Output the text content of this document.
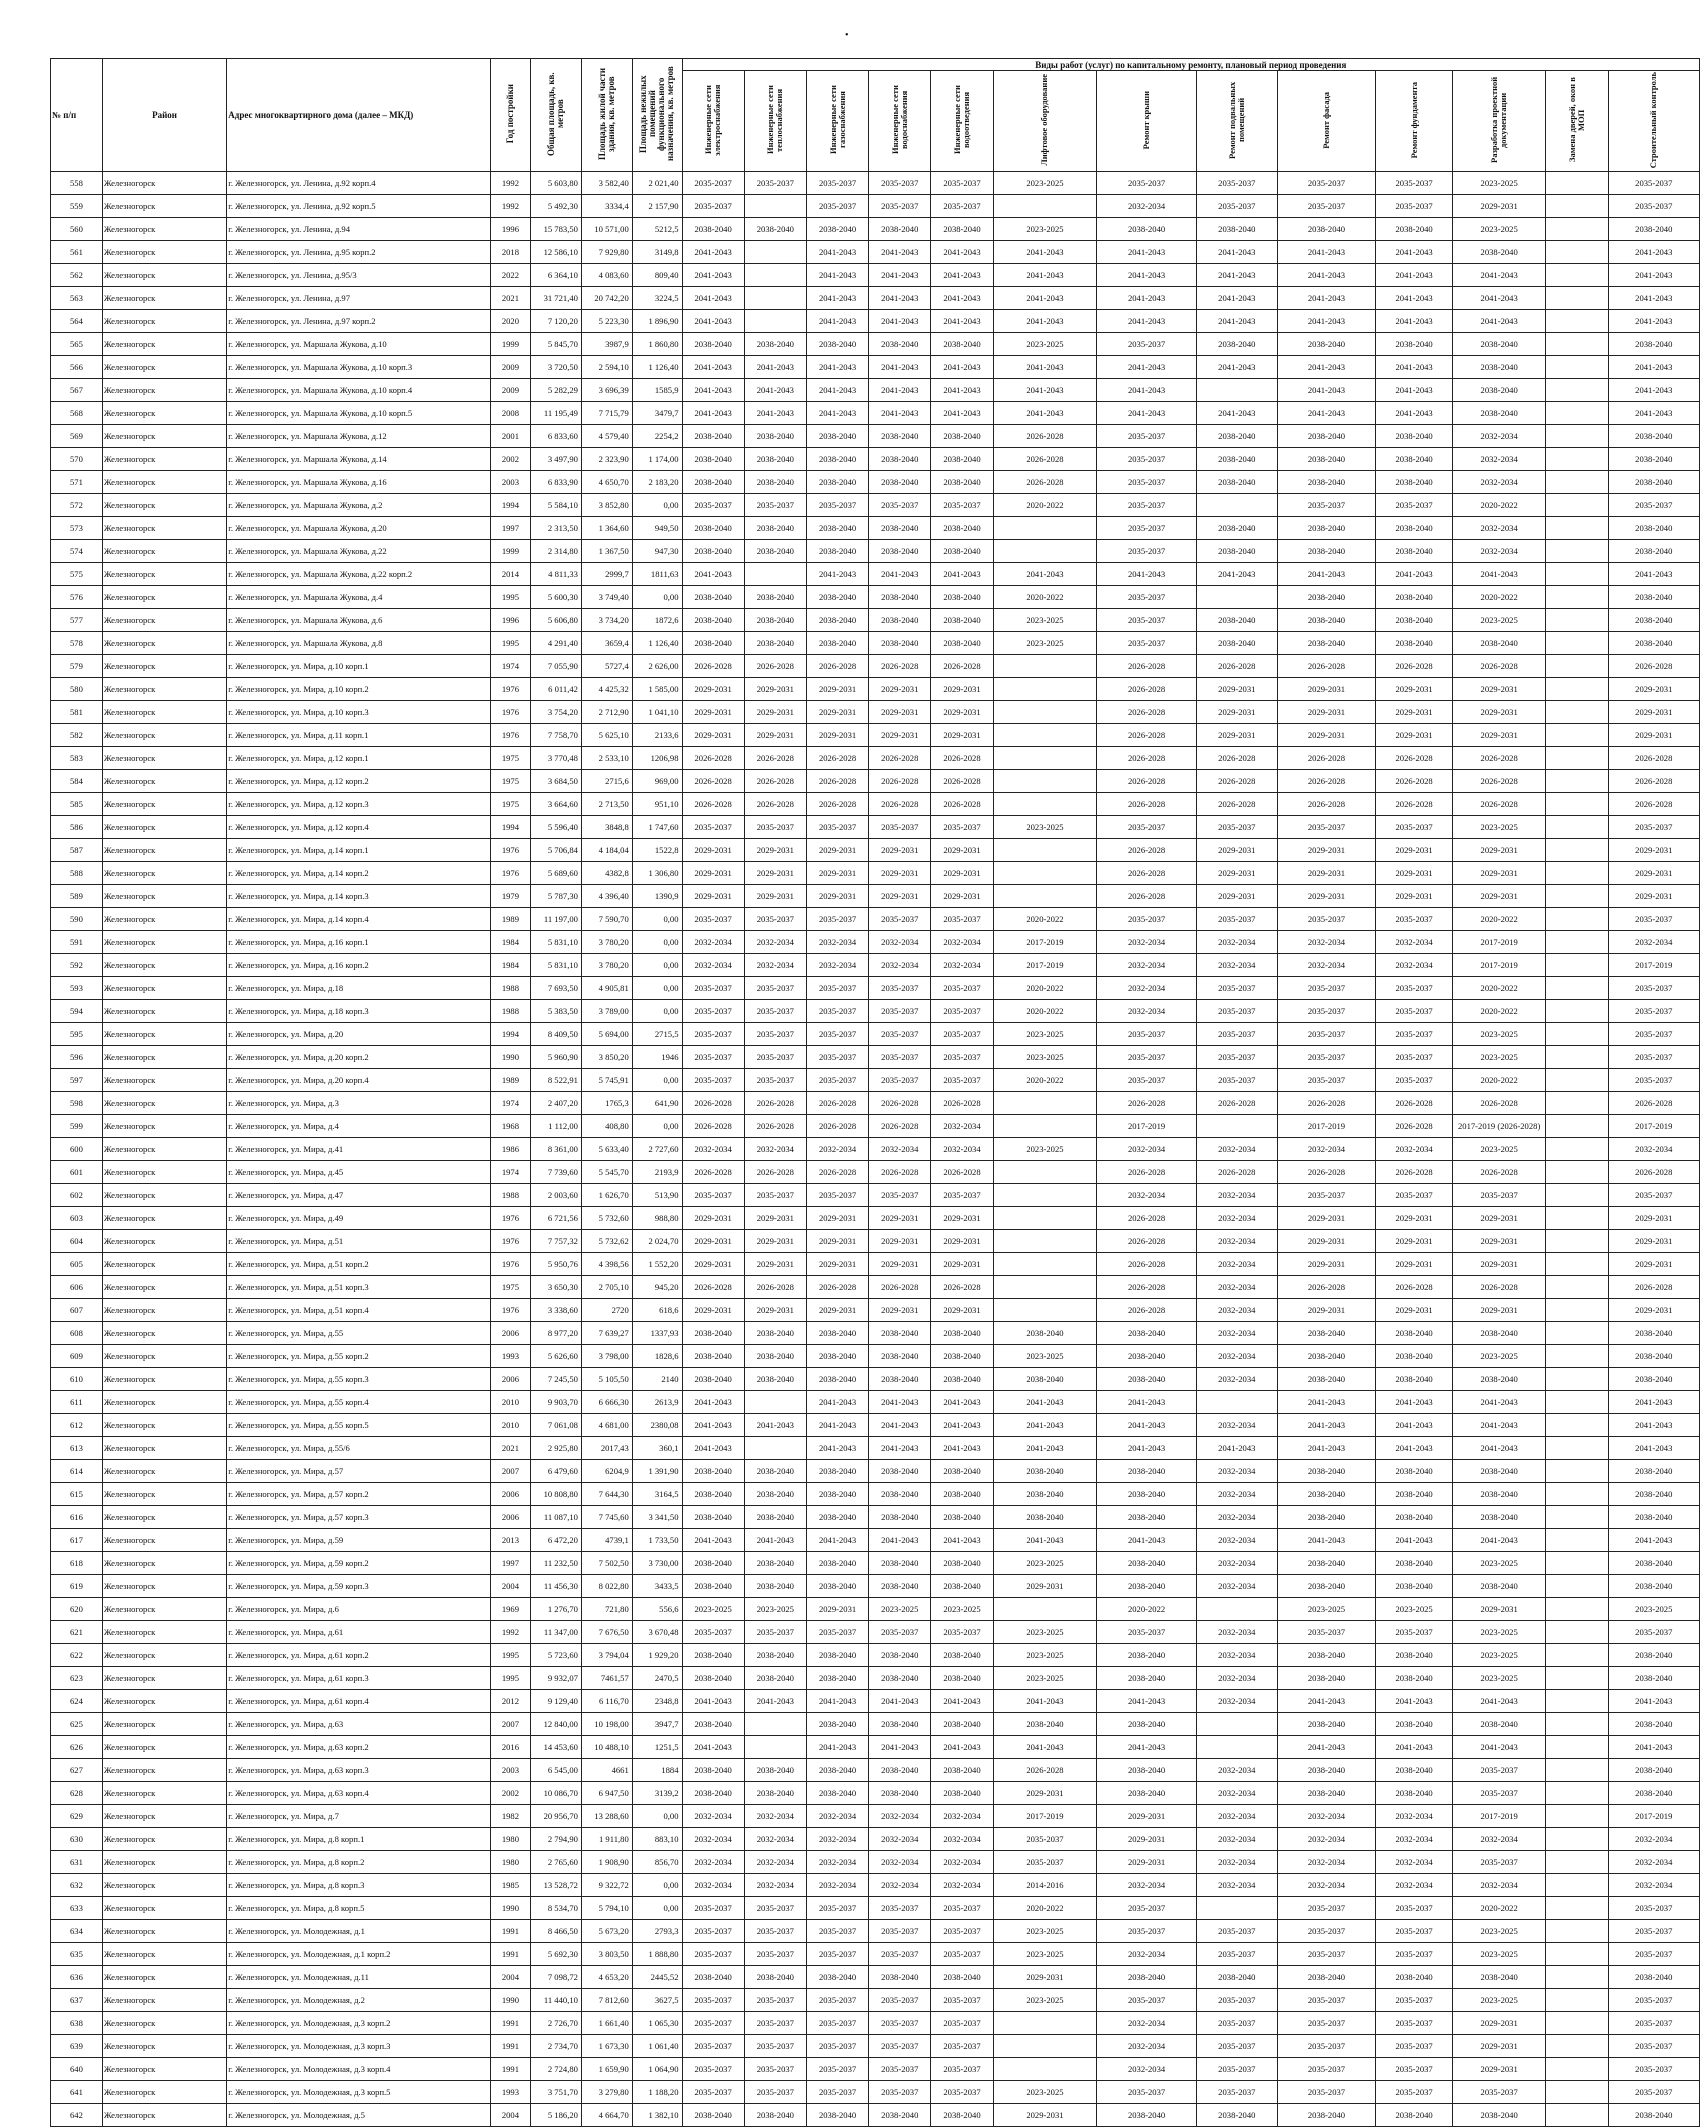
•
№ п/п	Район	Адрес многоквартирного дома (далее – МКД)	Год постройки	Общая площадь, кв. метров	Площадь жилой части здания, кв. метров	Площадь нежилых помещений функционального назначения, кв. метров	Виды работ (услуг) по капитальному ремонту, плановый период проведения												
							Инженерные сети электроснабжения	Инженерные сети теплоснабжения	Инженерные сети газоснабжения	Инженерные сети водоснабжения	Инженерные сети водоотведения	Лифтовое оборудование	Ремонт крыши	Ремонт подвальных помещений	Ремонт фасада	Ремонт фундамента	Разработка проектной документации	Замена дверей, окон в МОП	Строительный контроль
558	Железногорск	г. Железногорск, ул. Ленина, д.92 корп.4	1992	5 603,80	3 582,40	2 021,40	2035-2037	2035-2037	2035-2037	2035-2037	2035-2037	2023-2025	2035-2037	2035-2037	2035-2037	2035-2037	2023-2025		2035-2037
559	Железногорск	г. Железногорск, ул. Ленина, д.92 корп.5	1992	5 492,30	3334,4	2 157,90	2035-2037		2035-2037	2035-2037	2035-2037		2032-2034	2035-2037	2035-2037	2035-2037	2029-2031		2035-2037
560	Железногорск	г. Железногорск, ул. Ленина, д.94	1996	15 783,50	10 571,00	5212,5	2038-2040	2038-2040	2038-2040	2038-2040	2038-2040	2023-2025	2038-2040	2038-2040	2038-2040	2038-2040	2023-2025		2038-2040
561	Железногорск	г. Железногорск, ул. Ленина, д.95 корп.2	2018	12 586,10	7 929,80	3149,8	2041-2043		2041-2043	2041-2043	2041-2043	2041-2043	2041-2043	2041-2043	2041-2043	2041-2043	2038-2040		2041-2043
562	Железногорск	г. Железногорск, ул. Ленина, д.95/3	2022	6 364,10	4 083,60	809,40	2041-2043		2041-2043	2041-2043	2041-2043	2041-2043	2041-2043	2041-2043	2041-2043	2041-2043	2041-2043		2041-2043
563	Железногорск	г. Железногорск, ул. Ленина, д.97	2021	31 721,40	20 742,20	3224,5	2041-2043		2041-2043	2041-2043	2041-2043	2041-2043	2041-2043	2041-2043	2041-2043	2041-2043	2041-2043		2041-2043
564	Железногорск	г. Железногорск, ул. Ленина, д.97 корп.2	2020	7 120,20	5 223,30	1 896,90	2041-2043		2041-2043	2041-2043	2041-2043	2041-2043	2041-2043	2041-2043	2041-2043	2041-2043	2041-2043		2041-2043
565	Железногорск	г. Железногорск, ул. Маршала Жукова, д.10	1999	5 845,70	3987,9	1 860,80	2038-2040	2038-2040	2038-2040	2038-2040	2038-2040	2023-2025	2035-2037	2038-2040	2038-2040	2038-2040	2038-2040		2038-2040
566	Железногорск	г. Железногорск, ул. Маршала Жукова, д.10 корп.3	2009	3 720,50	2 594,10	1 126,40	2041-2043	2041-2043	2041-2043	2041-2043	2041-2043	2041-2043	2041-2043	2041-2043	2041-2043	2041-2043	2038-2040		2041-2043
567	Железногорск	г. Железногорск, ул. Маршала Жукова, д.10 корп.4	2009	5 282,29	3 696,39	1585,9	2041-2043	2041-2043	2041-2043	2041-2043	2041-2043	2041-2043	2041-2043		2041-2043	2041-2043	2038-2040		2041-2043
568	Железногорск	г. Железногорск, ул. Маршала Жукова, д.10 корп.5	2008	11 195,49	7 715,79	3479,7	2041-2043	2041-2043	2041-2043	2041-2043	2041-2043	2041-2043	2041-2043	2041-2043	2041-2043	2041-2043	2038-2040		2041-2043
569	Железногорск	г. Железногорск, ул. Маршала Жукова, д.12	2001	6 833,60	4 579,40	2254,2	2038-2040	2038-2040	2038-2040	2038-2040	2038-2040	2026-2028	2035-2037	2038-2040	2038-2040	2038-2040	2032-2034		2038-2040
570	Железногорск	г. Железногорск, ул. Маршала Жукова, д.14	2002	3 497,90	2 323,90	1 174,00	2038-2040	2038-2040	2038-2040	2038-2040	2038-2040	2026-2028	2035-2037	2038-2040	2038-2040	2038-2040	2032-2034		2038-2040
571	Железногорск	г. Железногорск, ул. Маршала Жукова, д.16	2003	6 833,90	4 650,70	2 183,20	2038-2040	2038-2040	2038-2040	2038-2040	2038-2040	2026-2028	2035-2037	2038-2040	2038-2040	2038-2040	2032-2034		2038-2040
572	Железногорск	г. Железногорск, ул. Маршала Жукова, д.2	1994	5 584,10	3 852,80	0,00	2035-2037	2035-2037	2035-2037	2035-2037	2035-2037	2020-2022	2035-2037		2035-2037	2035-2037	2020-2022		2035-2037
573	Железногорск	г. Железногорск, ул. Маршала Жукова, д.20	1997	2 313,50	1 364,60	949,50	2038-2040	2038-2040	2038-2040	2038-2040	2038-2040		2035-2037	2038-2040	2038-2040	2038-2040	2032-2034		2038-2040
574	Железногорск	г. Железногорск, ул. Маршала Жукова, д.22	1999	2 314,80	1 367,50	947,30	2038-2040	2038-2040	2038-2040	2038-2040	2038-2040		2035-2037	2038-2040	2038-2040	2038-2040	2032-2034		2038-2040
575	Железногорск	г. Железногорск, ул. Маршала Жукова, д.22 корп.2	2014	4 811,33	2999,7	1811,63	2041-2043		2041-2043	2041-2043	2041-2043	2041-2043	2041-2043	2041-2043	2041-2043	2041-2043	2041-2043		2041-2043
576	Железногорск	г. Железногорск, ул. Маршала Жукова, д.4	1995	5 600,30	3 749,40	0,00	2038-2040	2038-2040	2038-2040	2038-2040	2038-2040	2020-2022	2035-2037		2038-2040	2038-2040	2020-2022		2038-2040
577	Железногорск	г. Железногорск, ул. Маршала Жукова, д.6	1996	5 606,80	3 734,20	1872,6	2038-2040	2038-2040	2038-2040	2038-2040	2038-2040	2023-2025	2035-2037	2038-2040	2038-2040	2038-2040	2023-2025		2038-2040
578	Железногорск	г. Железногорск, ул. Маршала Жукова, д.8	1995	4 291,40	3659,4	1 126,40	2038-2040	2038-2040	2038-2040	2038-2040	2038-2040	2023-2025	2035-2037	2038-2040	2038-2040	2038-2040	2038-2040		2038-2040
579	Железногорск	г. Железногорск, ул. Мира, д.10 корп.1	1974	7 055,90	5727,4	2 626,00	2026-2028	2026-2028	2026-2028	2026-2028	2026-2028		2026-2028	2026-2028	2026-2028	2026-2028	2026-2028		2026-2028
580	Железногорск	г. Железногорск, ул. Мира, д.10 корп.2	1976	6 011,42	4 425,32	1 585,00	2029-2031	2029-2031	2029-2031	2029-2031	2029-2031		2026-2028	2029-2031	2029-2031	2029-2031	2029-2031		2029-2031
581	Железногорск	г. Железногорск, ул. Мира, д.10 корп.3	1976	3 754,20	2 712,90	1 041,10	2029-2031	2029-2031	2029-2031	2029-2031	2029-2031		2026-2028	2029-2031	2029-2031	2029-2031	2029-2031		2029-2031
582	Железногорск	г. Железногорск, ул. Мира, д.11 корп.1	1976	7 758,70	5 625,10	2133,6	2029-2031	2029-2031	2029-2031	2029-2031	2029-2031		2026-2028	2029-2031	2029-2031	2029-2031	2029-2031		2029-2031
583	Железногорск	г. Железногорск, ул. Мира, д.12 корп.1	1975	3 770,48	2 533,10	1206,98	2026-2028	2026-2028	2026-2028	2026-2028	2026-2028		2026-2028	2026-2028	2026-2028	2026-2028	2026-2028		2026-2028
584	Железногорск	г. Железногорск, ул. Мира, д.12 корп.2	1975	3 684,50	2715,6	969,00	2026-2028	2026-2028	2026-2028	2026-2028	2026-2028		2026-2028	2026-2028	2026-2028	2026-2028	2026-2028		2026-2028
585	Железногорск	г. Железногорск, ул. Мира, д.12 корп.3	1975	3 664,60	2 713,50	951,10	2026-2028	2026-2028	2026-2028	2026-2028	2026-2028		2026-2028	2026-2028	2026-2028	2026-2028	2026-2028		2026-2028
586	Железногорск	г. Железногорск, ул. Мира, д.12 корп.4	1994	5 596,40	3848,8	1 747,60	2035-2037	2035-2037	2035-2037	2035-2037	2035-2037	2023-2025	2035-2037	2035-2037	2035-2037	2035-2037	2023-2025		2035-2037
587	Железногорск	г. Железногорск, ул. Мира, д.14 корп.1	1976	5 706,84	4 184,04	1522,8	2029-2031	2029-2031	2029-2031	2029-2031	2029-2031		2026-2028	2029-2031	2029-2031	2029-2031	2029-2031		2029-2031
588	Железногорск	г. Железногорск, ул. Мира, д.14 корп.2	1976	5 689,60	4382,8	1 306,80	2029-2031	2029-2031	2029-2031	2029-2031	2029-2031		2026-2028	2029-2031	2029-2031	2029-2031	2029-2031		2029-2031
589	Железногорск	г. Железногорск, ул. Мира, д.14 корп.3	1979	5 787,30	4 396,40	1390,9	2029-2031	2029-2031	2029-2031	2029-2031	2029-2031		2026-2028	2029-2031	2029-2031	2029-2031	2029-2031		2029-2031
590	Железногорск	г. Железногорск, ул. Мира, д.14 корп.4	1989	11 197,00	7 590,70	0,00	2035-2037	2035-2037	2035-2037	2035-2037	2035-2037	2020-2022	2035-2037	2035-2037	2035-2037	2035-2037	2020-2022		2035-2037
591	Железногорск	г. Железногорск, ул. Мира, д.16 корп.1	1984	5 831,10	3 780,20	0,00	2032-2034	2032-2034	2032-2034	2032-2034	2032-2034	2017-2019	2032-2034	2032-2034	2032-2034	2032-2034	2017-2019		2032-2034
592	Железногорск	г. Железногорск, ул. Мира, д.16 корп.2	1984	5 831,10	3 780,20	0,00	2032-2034	2032-2034	2032-2034	2032-2034	2032-2034	2017-2019	2032-2034	2032-2034	2032-2034	2032-2034	2017-2019		2017-2019
593	Железногорск	г. Железногорск, ул. Мира, д.18	1988	7 693,50	4 905,81	0,00	2035-2037	2035-2037	2035-2037	2035-2037	2035-2037	2020-2022	2032-2034	2035-2037	2035-2037	2035-2037	2020-2022		2035-2037
594	Железногорск	г. Железногорск, ул. Мира, д.18 корп.3	1988	5 383,50	3 789,00	0,00	2035-2037	2035-2037	2035-2037	2035-2037	2035-2037	2020-2022	2032-2034	2035-2037	2035-2037	2035-2037	2020-2022		2035-2037
595	Железногорск	г. Железногорск, ул. Мира, д.20	1994	8 409,50	5 694,00	2715,5	2035-2037	2035-2037	2035-2037	2035-2037	2035-2037	2023-2025	2035-2037	2035-2037	2035-2037	2035-2037	2023-2025		2035-2037
596	Железногорск	г. Железногорск, ул. Мира, д.20 корп.2	1990	5 960,90	3 850,20	1946	2035-2037	2035-2037	2035-2037	2035-2037	2035-2037	2023-2025	2035-2037	2035-2037	2035-2037	2035-2037	2023-2025		2035-2037
597	Железногорск	г. Железногорск, ул. Мира, д.20 корп.4	1989	8 522,91	5 745,91	0,00	2035-2037	2035-2037	2035-2037	2035-2037	2035-2037	2020-2022	2035-2037	2035-2037	2035-2037	2035-2037	2020-2022		2035-2037
598	Железногорск	г. Железногорск, ул. Мира, д.3	1974	2 407,20	1765,3	641,90	2026-2028	2026-2028	2026-2028	2026-2028	2026-2028		2026-2028	2026-2028	2026-2028	2026-2028	2026-2028		2026-2028
599	Железногорск	г. Железногорск, ул. Мира, д.4	1968	1 112,00	408,80	0,00	2026-2028	2026-2028	2026-2028	2026-2028	2032-2034		2017-2019		2017-2019	2026-2028	2017-2019 (2026-2028)		2017-2019
600	Железногорск	г. Железногорск, ул. Мира, д.41	1986	8 361,00	5 633,40	2 727,60	2032-2034	2032-2034	2032-2034	2032-2034	2032-2034	2023-2025	2032-2034	2032-2034	2032-2034	2032-2034	2023-2025		2032-2034
601	Железногорск	г. Железногорск, ул. Мира, д.45	1974	7 739,60	5 545,70	2193,9	2026-2028	2026-2028	2026-2028	2026-2028	2026-2028		2026-2028	2026-2028	2026-2028	2026-2028	2026-2028		2026-2028
602	Железногорск	г. Железногорск, ул. Мира, д.47	1988	2 003,60	1 626,70	513,90	2035-2037	2035-2037	2035-2037	2035-2037	2035-2037		2032-2034	2032-2034	2035-2037	2035-2037	2035-2037		2035-2037
603	Железногорск	г. Железногорск, ул. Мира, д.49	1976	6 721,56	5 732,60	988,80	2029-2031	2029-2031	2029-2031	2029-2031	2029-2031		2026-2028	2032-2034	2029-2031	2029-2031	2029-2031		2029-2031
604	Железногорск	г. Железногорск, ул. Мира, д.51	1976	7 757,32	5 732,62	2 024,70	2029-2031	2029-2031	2029-2031	2029-2031	2029-2031		2026-2028	2032-2034	2029-2031	2029-2031	2029-2031		2029-2031
605	Железногорск	г. Железногорск, ул. Мира, д.51 корп.2	1976	5 950,76	4 398,56	1 552,20	2029-2031	2029-2031	2029-2031	2029-2031	2029-2031		2026-2028	2032-2034	2029-2031	2029-2031	2029-2031		2029-2031
606	Железногорск	г. Железногорск, ул. Мира, д.51 корп.3	1975	3 650,30	2 705,10	945,20	2026-2028	2026-2028	2026-2028	2026-2028	2026-2028		2026-2028	2032-2034	2026-2028	2026-2028	2026-2028		2026-2028
607	Железногорск	г. Железногорск, ул. Мира, д.51 корп.4	1976	3 338,60	2720	618,6	2029-2031	2029-2031	2029-2031	2029-2031	2029-2031		2026-2028	2032-2034	2029-2031	2029-2031	2029-2031		2029-2031
608	Железногорск	г. Железногорск, ул. Мира, д.55	2006	8 977,20	7 639,27	1337,93	2038-2040	2038-2040	2038-2040	2038-2040	2038-2040	2038-2040	2038-2040	2032-2034	2038-2040	2038-2040	2038-2040		2038-2040
609	Железногорск	г. Железногорск, ул. Мира, д.55 корп.2	1993	5 626,60	3 798,00	1828,6	2038-2040	2038-2040	2038-2040	2038-2040	2038-2040	2023-2025	2038-2040	2032-2034	2038-2040	2038-2040	2023-2025		2038-2040
610	Железногорск	г. Железногорск, ул. Мира, д.55 корп.3	2006	7 245,50	5 105,50	2140	2038-2040	2038-2040	2038-2040	2038-2040	2038-2040	2038-2040	2038-2040	2032-2034	2038-2040	2038-2040	2038-2040		2038-2040
611	Железногорск	г. Железногорск, ул. Мира, д.55 корп.4	2010	9 903,70	6 666,30	2613,9	2041-2043		2041-2043	2041-2043	2041-2043	2041-2043	2041-2043		2041-2043	2041-2043	2041-2043		2041-2043
612	Железногорск	г. Железногорск, ул. Мира, д.55 корп.5	2010	7 061,08	4 681,00	2380,08	2041-2043	2041-2043	2041-2043	2041-2043	2041-2043	2041-2043	2041-2043	2032-2034	2041-2043	2041-2043	2041-2043		2041-2043
613	Железногорск	г. Железногорск, ул. Мира, д.55/6	2021	2 925,80	2017,43	360,1	2041-2043		2041-2043	2041-2043	2041-2043	2041-2043	2041-2043	2041-2043	2041-2043	2041-2043	2041-2043		2041-2043
614	Железногорск	г. Железногорск, ул. Мира, д.57	2007	6 479,60	6204,9	1 391,90	2038-2040	2038-2040	2038-2040	2038-2040	2038-2040	2038-2040	2038-2040	2032-2034	2038-2040	2038-2040	2038-2040		2038-2040
615	Железногорск	г. Железногорск, ул. Мира, д.57 корп.2	2006	10 808,80	7 644,30	3164,5	2038-2040	2038-2040	2038-2040	2038-2040	2038-2040	2038-2040	2038-2040	2032-2034	2038-2040	2038-2040	2038-2040		2038-2040
616	Железногорск	г. Железногорск, ул. Мира, д.57 корп.3	2006	11 087,10	7 745,60	3 341,50	2038-2040	2038-2040	2038-2040	2038-2040	2038-2040	2038-2040	2038-2040	2032-2034	2038-2040	2038-2040	2038-2040		2038-2040
617	Железногорск	г. Железногорск, ул. Мира, д.59	2013	6 472,20	4739,1	1 733,50	2041-2043	2041-2043	2041-2043	2041-2043	2041-2043	2041-2043	2041-2043	2032-2034	2041-2043	2041-2043	2041-2043		2041-2043
618	Железногорск	г. Железногорск, ул. Мира, д.59 корп.2	1997	11 232,50	7 502,50	3 730,00	2038-2040	2038-2040	2038-2040	2038-2040	2038-2040	2023-2025	2038-2040	2032-2034	2038-2040	2038-2040	2023-2025		2038-2040
619	Железногорск	г. Железногорск, ул. Мира, д.59 корп.3	2004	11 456,30	8 022,80	3433,5	2038-2040	2038-2040	2038-2040	2038-2040	2038-2040	2029-2031	2038-2040	2032-2034	2038-2040	2038-2040	2038-2040		2038-2040
620	Железногорск	г. Железногорск, ул. Мира, д.6	1969	1 276,70	721,80	556,6	2023-2025	2023-2025	2029-2031	2023-2025	2023-2025		2020-2022		2023-2025	2023-2025	2029-2031		2023-2025
621	Железногорск	г. Железногорск, ул. Мира, д.61	1992	11 347,00	7 676,50	3 670,48	2035-2037	2035-2037	2035-2037	2035-2037	2035-2037	2023-2025	2035-2037	2032-2034	2035-2037	2035-2037	2023-2025		2035-2037
622	Железногорск	г. Железногорск, ул. Мира, д.61 корп.2	1995	5 723,60	3 794,04	1 929,20	2038-2040	2038-2040	2038-2040	2038-2040	2038-2040	2023-2025	2038-2040	2032-2034	2038-2040	2038-2040	2023-2025		2038-2040
623	Железногорск	г. Железногорск, ул. Мира, д.61 корп.3	1995	9 932,07	7461,57	2470,5	2038-2040	2038-2040	2038-2040	2038-2040	2038-2040	2023-2025	2038-2040	2032-2034	2038-2040	2038-2040	2023-2025		2038-2040
624	Железногорск	г. Железногорск, ул. Мира, д.61 корп.4	2012	9 129,40	6 116,70	2348,8	2041-2043	2041-2043	2041-2043	2041-2043	2041-2043	2041-2043	2041-2043	2032-2034	2041-2043	2041-2043	2041-2043		2041-2043
625	Железногорск	г. Железногорск, ул. Мира, д.63	2007	12 840,00	10 198,00	3947,7	2038-2040		2038-2040	2038-2040	2038-2040	2038-2040	2038-2040		2038-2040	2038-2040	2038-2040		2038-2040
626	Железногорск	г. Железногорск, ул. Мира, д.63 корп.2	2016	14 453,60	10 488,10	1251,5	2041-2043		2041-2043	2041-2043	2041-2043	2041-2043	2041-2043		2041-2043	2041-2043	2041-2043		2041-2043
627	Железногорск	г. Железногорск, ул. Мира, д.63 корп.3	2003	6 545,00	4661	1884	2038-2040	2038-2040	2038-2040	2038-2040	2038-2040	2026-2028	2038-2040	2032-2034	2038-2040	2038-2040	2035-2037		2038-2040
628	Железногорск	г. Железногорск, ул. Мира, д.63 корп.4	2002	10 086,70	6 947,50	3139,2	2038-2040	2038-2040	2038-2040	2038-2040	2038-2040	2029-2031	2038-2040	2032-2034	2038-2040	2038-2040	2035-2037		2038-2040
629	Железногорск	г. Железногорск, ул. Мира, д.7	1982	20 956,70	13 288,60	0,00	2032-2034	2032-2034	2032-2034	2032-2034	2032-2034	2017-2019	2029-2031	2032-2034	2032-2034	2032-2034	2017-2019		2017-2019
630	Железногорск	г. Железногорск, ул. Мира, д.8 корп.1	1980	2 794,90	1 911,80	883,10	2032-2034	2032-2034	2032-2034	2032-2034	2032-2034	2035-2037	2029-2031	2032-2034	2032-2034	2032-2034	2032-2034		2032-2034
631	Железногорск	г. Железногорск, ул. Мира, д.8 корп.2	1980	2 765,60	1 908,90	856,70	2032-2034	2032-2034	2032-2034	2032-2034	2032-2034	2035-2037	2029-2031	2032-2034	2032-2034	2032-2034	2035-2037		2032-2034
632	Железногорск	г. Железногорск, ул. Мира, д.8 корп.3	1985	13 528,72	9 322,72	0,00	2032-2034	2032-2034	2032-2034	2032-2034	2032-2034	2014-2016	2032-2034	2032-2034	2032-2034	2032-2034	2032-2034		2032-2034
633	Железногорск	г. Железногорск, ул. Мира, д.8 корп.5	1990	8 534,70	5 794,10	0,00	2035-2037	2035-2037	2035-2037	2035-2037	2035-2037	2020-2022	2035-2037		2035-2037	2035-2037	2020-2022		2035-2037
634	Железногорск	г. Железногорск, ул. Молодежная, д.1	1991	8 466,50	5 673,20	2793,3	2035-2037	2035-2037	2035-2037	2035-2037	2035-2037	2023-2025	2035-2037	2035-2037	2035-2037	2035-2037	2023-2025		2035-2037
635	Железногорск	г. Железногорск, ул. Молодежная, д.1 корп.2	1991	5 692,30	3 803,50	1 888,80	2035-2037	2035-2037	2035-2037	2035-2037	2035-2037	2023-2025	2032-2034	2035-2037	2035-2037	2035-2037	2023-2025		2035-2037
636	Железногорск	г. Железногорск, ул. Молодежная, д.11	2004	7 098,72	4 653,20	2445,52	2038-2040	2038-2040	2038-2040	2038-2040	2038-2040	2029-2031	2038-2040	2038-2040	2038-2040	2038-2040	2038-2040		2038-2040
637	Железногорск	г. Железногорск, ул. Молодежная, д.2	1990	11 440,10	7 812,60	3627,5	2035-2037	2035-2037	2035-2037	2035-2037	2035-2037	2023-2025	2035-2037	2035-2037	2035-2037	2035-2037	2023-2025		2035-2037
638	Железногорск	г. Железногорск, ул. Молодежная, д.3 корп.2	1991	2 726,70	1 661,40	1 065,30	2035-2037	2035-2037	2035-2037	2035-2037	2035-2037		2032-2034	2035-2037	2035-2037	2035-2037	2029-2031		2035-2037
639	Железногорск	г. Железногорск, ул. Молодежная, д.3 корп.3	1991	2 734,70	1 673,30	1 061,40	2035-2037	2035-2037	2035-2037	2035-2037	2035-2037		2032-2034	2035-2037	2035-2037	2035-2037	2029-2031		2035-2037
640	Железногорск	г. Железногорск, ул. Молодежная, д.3 корп.4	1991	2 724,80	1 659,90	1 064,90	2035-2037	2035-2037	2035-2037	2035-2037	2035-2037		2032-2034	2035-2037	2035-2037	2035-2037	2029-2031		2035-2037
641	Железногорск	г. Железногорск, ул. Молодежная, д.3 корп.5	1993	3 751,70	3 279,80	1 188,20	2035-2037	2035-2037	2035-2037	2035-2037	2035-2037	2023-2025	2035-2037	2035-2037	2035-2037	2035-2037	2035-2037		2035-2037
642	Железногорск	г. Железногорск, ул. Молодежная, д.5	2004	5 186,20	4 664,70	1 382,10	2038-2040	2038-2040	2038-2040	2038-2040	2038-2040	2029-2031	2038-2040	2038-2040	2038-2040	2038-2040	2038-2040		2038-2040
